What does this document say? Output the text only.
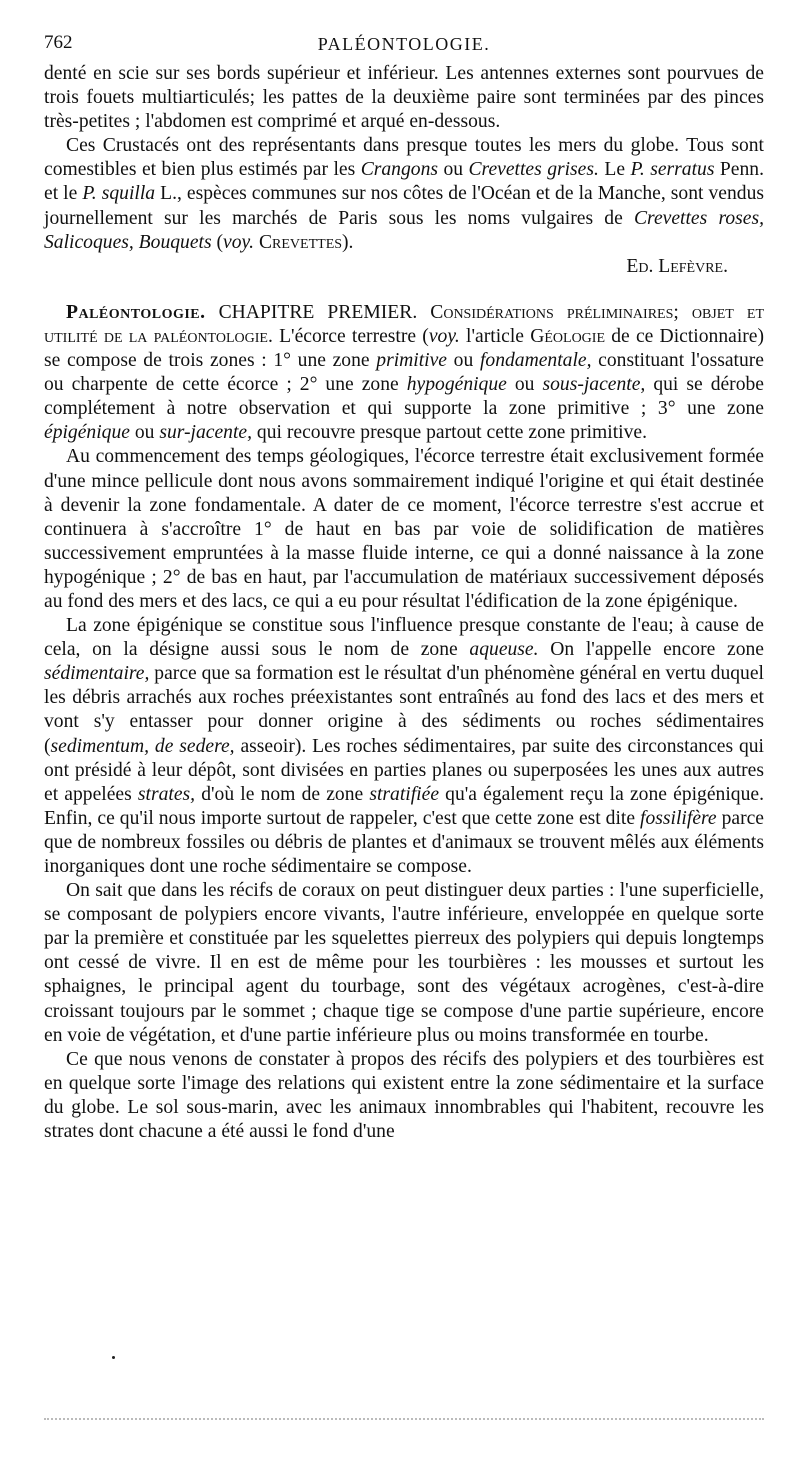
762	PALÉONTOLOGIE.

denté en scie sur ses bords supérieur et inférieur. Les antennes externes sont pourvues de trois fouets multiarticulés; les pattes de la deuxième paire sont terminées par des pinces très-petites ; l'abdomen est comprimé et arqué en-dessous.

Ces Crustacés ont des représentants dans presque toutes les mers du globe. Tous sont comestibles et bien plus estimés par les Crangons ou Crevettes grises. Le P. serratus Penn. et le P. squilla L., espèces communes sur nos côtes de l'Océan et de la Manche, sont vendus journellement sur les marchés de Paris sous les noms vulgaires de Crevettes roses, Salicoques, Bouquets (voy. Crevettes).

Ed. Lefèvre.

Paléontologie. CHAPITRE PREMIER. Considérations préliminaires; objet et utilité de la paléontologie. L'écorce terrestre (voy. l'article Géologie de ce Dictionnaire) se compose de trois zones : 1° une zone primitive ou fondamentale, constituant l'ossature ou charpente de cette écorce ; 2° une zone hypogénique ou sous-jacente, qui se dérobe complétement à notre observation et qui supporte la zone primitive ; 3° une zone épigénique ou sur-jacente, qui recouvre presque partout cette zone primitive.

Au commencement des temps géologiques, l'écorce terrestre était exclusivement formée d'une mince pellicule dont nous avons sommairement indiqué l'origine et qui était destinée à devenir la zone fondamentale. A dater de ce moment, l'écorce terrestre s'est accrue et continuera à s'accroître 1° de haut en bas par voie de solidification de matières successivement empruntées à la masse fluide interne, ce qui a donné naissance à la zone hypogénique ; 2° de bas en haut, par l'accumulation de matériaux successivement déposés au fond des mers et des lacs, ce qui a eu pour résultat l'édification de la zone épigénique.

La zone épigénique se constitue sous l'influence presque constante de l'eau; à cause de cela, on la désigne aussi sous le nom de zone aqueuse. On l'appelle encore zone sédimentaire, parce que sa formation est le résultat d'un phénomène général en vertu duquel les débris arrachés aux roches préexistantes sont entraînés au fond des lacs et des mers et vont s'y entasser pour donner origine à des sédiments ou roches sédimentaires (sedimentum, de sedere, asseoir). Les roches sédimentaires, par suite des circonstances qui ont présidé à leur dépôt, sont divisées en parties planes ou superposées les unes aux autres et appelées strates, d'où le nom de zone stratifiée qu'a également reçu la zone épigénique. Enfin, ce qu'il nous importe surtout de rappeler, c'est que cette zone est dite fossilifère parce que de nombreux fossiles ou débris de plantes et d'animaux se trouvent mêlés aux éléments inorganiques dont une roche sédimentaire se compose.

On sait que dans les récifs de coraux on peut distinguer deux parties : l'une superficielle, se composant de polypiers encore vivants, l'autre inférieure, enveloppée en quelque sorte par la première et constituée par les squelettes pierreux des polypiers qui depuis longtemps ont cessé de vivre. Il en est de même pour les tourbières : les mousses et surtout les sphaignes, le principal agent du tourbage, sont des végétaux acrogènes, c'est-à-dire croissant toujours par le sommet ; chaque tige se compose d'une partie supérieure, encore en voie de végétation, et d'une partie inférieure plus ou moins transformée en tourbe.

Ce que nous venons de constater à propos des récifs des polypiers et des tourbières est en quelque sorte l'image des relations qui existent entre la zone sédimentaire et la surface du globe. Le sol sous-marin, avec les animaux innombrables qui l'habitent, recouvre les strates dont chacune a été aussi le fond d'une
